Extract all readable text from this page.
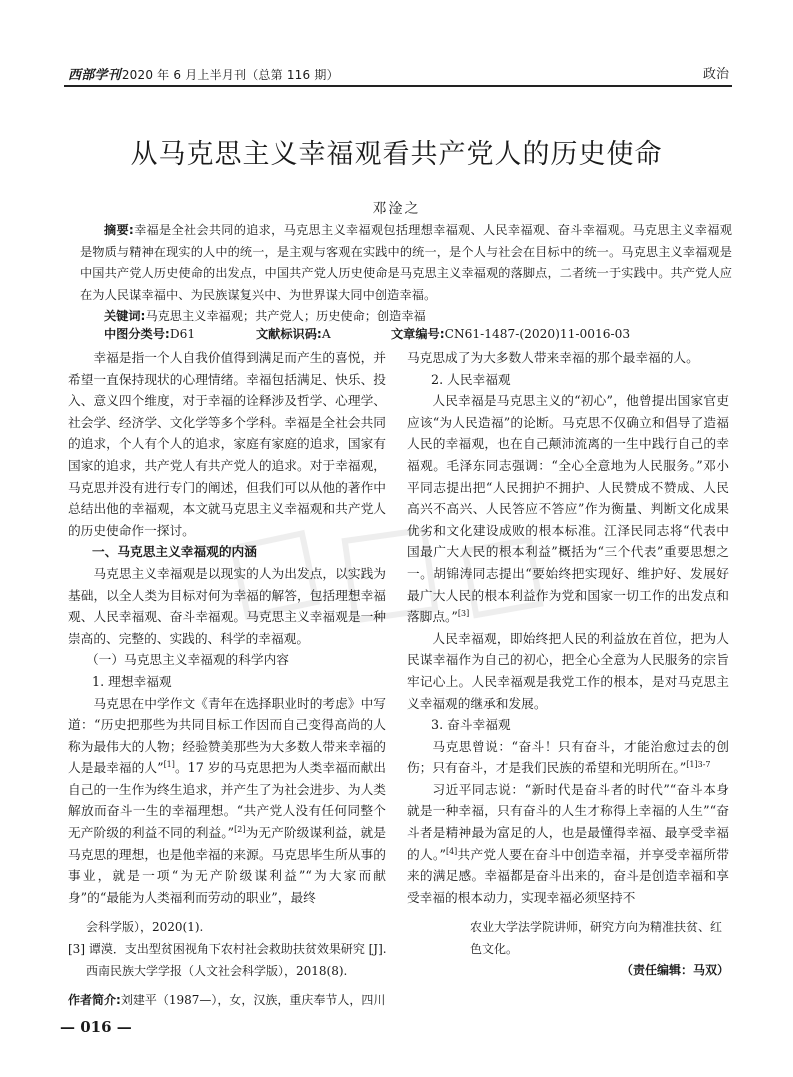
西部学刊2020 年 6 月上半月刊（总第 116 期）	政治
从马克思主义幸福观看共产党人的历史使命
邓淦之
摘要:幸福是全社会共同的追求，马克思主义幸福观包括理想幸福观、人民幸福观、奋斗幸福观。马克思主义幸福观是物质与精神在现实的人中的统一，是主观与客观在实践中的统一，是个人与社会在目标中的统一。马克思主义幸福观是中国共产党人历史使命的出发点，中国共产党人历史使命是马克思主义幸福观的落脚点，二者统一于实践中。共产党人应在为人民谋幸福中、为民族谋复兴中、为世界谋大同中创造幸福。
关键词:马克思主义幸福观；共产党人；历史使命；创造幸福
中图分类号:D61	文献标识码:A	文章编号:CN61-1487-(2020)11-0016-03

幸福是指一个人自我价值得到满足而产生的喜悦，并希望一直保持现状的心理情绪。幸福包括满足、快乐、投入、意义四个维度，对于幸福的诠释涉及哲学、心理学、社会学、经济学、文化学等多个学科。幸福是全社会共同的追求，个人有个人的追求，家庭有家庭的追求，国家有国家的追求，共产党人有共产党人的追求。对于幸福观，马克思并没有进行专门的阐述，但我们可以从他的著作中总结出他的幸福观，本文就马克思主义幸福观和共产党人的历史使命作一探讨。

一、马克思主义幸福观的内涵

马克思主义幸福观是以现实的人为出发点，以实践为基础，以全人类为目标对何为幸福的解答，包括理想幸福观、人民幸福观、奋斗幸福观。马克思主义幸福观是一种崇高的、完整的、实践的、科学的幸福观。

（一）马克思主义幸福观的科学内容

1. 理想幸福观

马克思在中学作文《青年在选择职业时的考虑》中写道：“历史把那些为共同目标工作因而自己变得高尚的人称为最伟大的人物；经验赞美那些为大多数人带来幸福的人是最幸福的人”[1]。17 岁的马克思把为人类幸福而献出自己的一生作为终生追求，并产生了为社会进步、为人类解放而奋斗一生的幸福理想。“共产党人没有任何同整个无产阶级的利益不同的利益。”[2]为无产阶级谋利益，就是马克思的理想，也是他幸福的来源。马克思毕生所从事的事业，就是一项“为无产阶级谋利益”“为大家而献身”的“最能为人类福利而劳动的职业”，最终

马克思成了为大多数人带来幸福的那个最幸福的人。

2. 人民幸福观

人民幸福是马克思主义的“初心”，他曾提出国家官吏应该“为人民造福”的论断。马克思不仅确立和倡导了造福人民的幸福观，也在自己颠沛流离的一生中践行自己的幸福观。毛泽东同志强调：“全心全意地为人民服务。”邓小平同志提出把“人民拥护不拥护、人民赞成不赞成、人民高兴不高兴、人民答应不答应”作为衡量、判断文化成果优劣和文化建设成败的根本标准。江泽民同志将“代表中国最广大人民的根本利益”概括为“三个代表”重要思想之一。胡锦涛同志提出“要始终把实现好、维护好、发展好最广大人民的根本利益作为党和国家一切工作的出发点和落脚点。”[3]

人民幸福观，即始终把人民的利益放在首位，把为人民谋幸福作为自己的初心，把全心全意为人民服务的宗旨牢记心上。人民幸福观是我党工作的根本，是对马克思主义幸福观的继承和发展。

3. 奋斗幸福观

马克思曾说：“奋斗！只有奋斗，才能治愈过去的创伤；只有奋斗，才是我们民族的希望和光明所在。”$^{[1]3-7}$

习近平同志说：“新时代是奋斗者的时代”“奋斗本身就是一种幸福，只有奋斗的人生才称得上幸福的人生”“奋斗者是精神最为富足的人，也是最懂得幸福、最享受幸福的人。”[4]共产党人要在奋斗中创造幸福，并享受幸福所带来的满足感。幸福都是奋斗出来的，奋斗是创造幸福和享受幸福的根本动力，实现幸福必须坚持不

会科学版），2020(1).
[3] 谭漠．支出型贫困视角下农村社会救助扶贫效果研究 [J].
西南民族大学学报（人文社会科学版），2018(8).
农业大学法学院讲师，研究方向为精准扶贫、红色文化。
（责任编辑：马双）
作者简介:刘建平（1987—），女，汉族，重庆奉节人，四川
— 016 —
